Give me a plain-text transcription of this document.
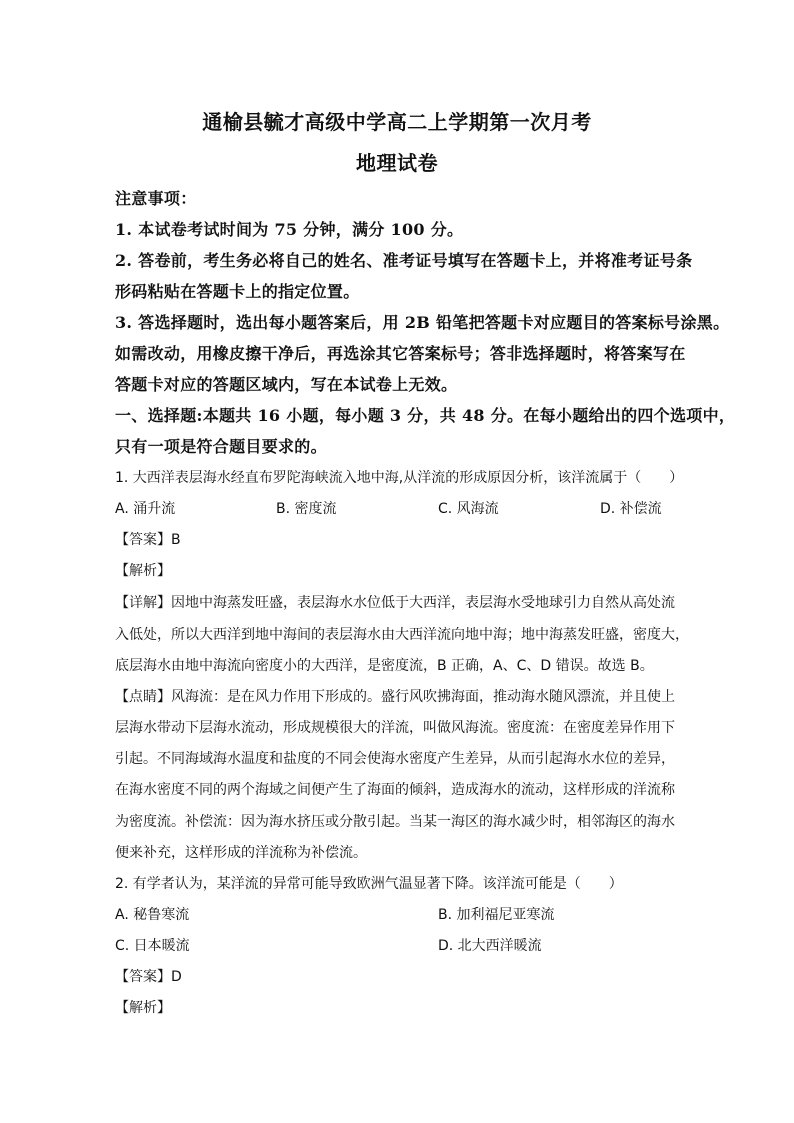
通榆县毓才高级中学高二上学期第一次月考
地理试卷
注意事项：
1. 本试卷考试时间为 75 分钟，满分 100 分。
2. 答卷前，考生务必将自己的姓名、准考证号填写在答题卡上，并将准考证号条
形码粘贴在答题卡上的指定位置。
3. 答选择题时，选出每小题答案后，用 2B 铅笔把答题卡对应题目的答案标号涂黑。
如需改动，用橡皮擦干净后，再选涂其它答案标号；答非选择题时，将答案写在
答题卡对应的答题区域内，写在本试卷上无效。
一、选择题:本题共 16 小题，每小题 3 分，共 48 分。在每小题给出的四个选项中，
只有一项是符合题目要求的。
1. 大西洋表层海水经直布罗陀海峡流入地中海,从洋流的形成原因分析，该洋流属于（　　）
A. 涌升流	B. 密度流	C. 风海流	D. 补偿流
【答案】B
【解析】
【详解】因地中海蒸发旺盛，表层海水水位低于大西洋，表层海水受地球引力自然从高处流
入低处，所以大西洋到地中海间的表层海水由大西洋流向地中海；地中海蒸发旺盛，密度大，
底层海水由地中海流向密度小的大西洋，是密度流，B 正确，A、C、D 错误。故选 B。
【点睛】风海流：是在风力作用下形成的。盛行风吹拂海面，推动海水随风漂流，并且使上
层海水带动下层海水流动，形成规模很大的洋流，叫做风海流。密度流：在密度差异作用下
引起。不同海域海水温度和盐度的不同会使海水密度产生差异，从而引起海水水位的差异，
在海水密度不同的两个海域之间便产生了海面的倾斜，造成海水的流动，这样形成的洋流称
为密度流。补偿流：因为海水挤压或分散引起。当某一海区的海水减少时，相邻海区的海水
便来补充，这样形成的洋流称为补偿流。
2. 有学者认为，某洋流的异常可能导致欧洲气温显著下降。该洋流可能是（　　）
A. 秘鲁寒流	B. 加利福尼亚寒流
C. 日本暖流	D. 北大西洋暖流
【答案】D
【解析】
